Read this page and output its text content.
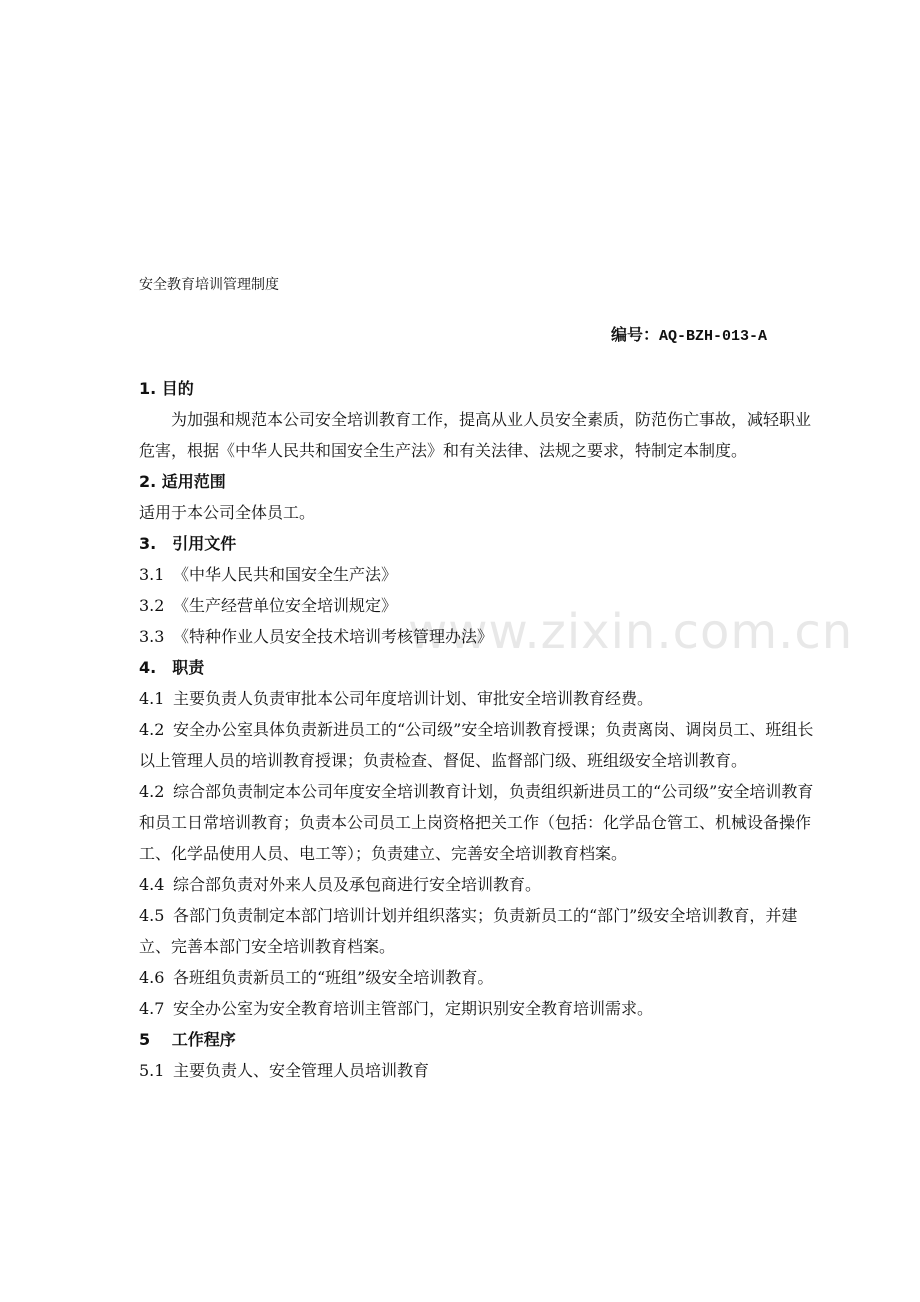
www.zixin.com.cn
安全教育培训管理制度
编号：AQ-BZH-013-A

1. 目的

为加强和规范本公司安全培训教育工作，提高从业人员安全素质，防范伤亡事故，减轻职业危害，根据《中华人民共和国安全生产法》和有关法律、法规之要求，特制定本制度。

2. 适用范围

适用于本公司全体员工。

3.　引用文件

3.1 《中华人民共和国安全生产法》

3.2 《生产经营单位安全培训规定》

3.3 《特种作业人员安全技术培训考核管理办法》

4.　职责

4.1 主要负责人负责审批本公司年度培训计划、审批安全培训教育经费。

4.2 安全办公室具体负责新进员工的“公司级”安全培训教育授课；负责离岗、调岗员工、班组长以上管理人员的培训教育授课；负责检查、督促、监督部门级、班组级安全培训教育。

4.2 综合部负责制定本公司年度安全培训教育计划，负责组织新进员工的“公司级”安全培训教育和员工日常培训教育；负责本公司员工上岗资格把关工作（包括：化学品仓管工、机械设备操作工、化学品使用人员、电工等）；负责建立、完善安全培训教育档案。

4.4 综合部负责对外来人员及承包商进行安全培训教育。

4.5 各部门负责制定本部门培训计划并组织落实；负责新员工的“部门”级安全培训教育，并建立、完善本部门安全培训教育档案。

4.6 各班组负责新员工的“班组”级安全培训教育。

4.7 安全办公室为安全教育培训主管部门，定期识别安全教育培训需求。

5　 工作程序

5.1 主要负责人、安全管理人员培训教育
